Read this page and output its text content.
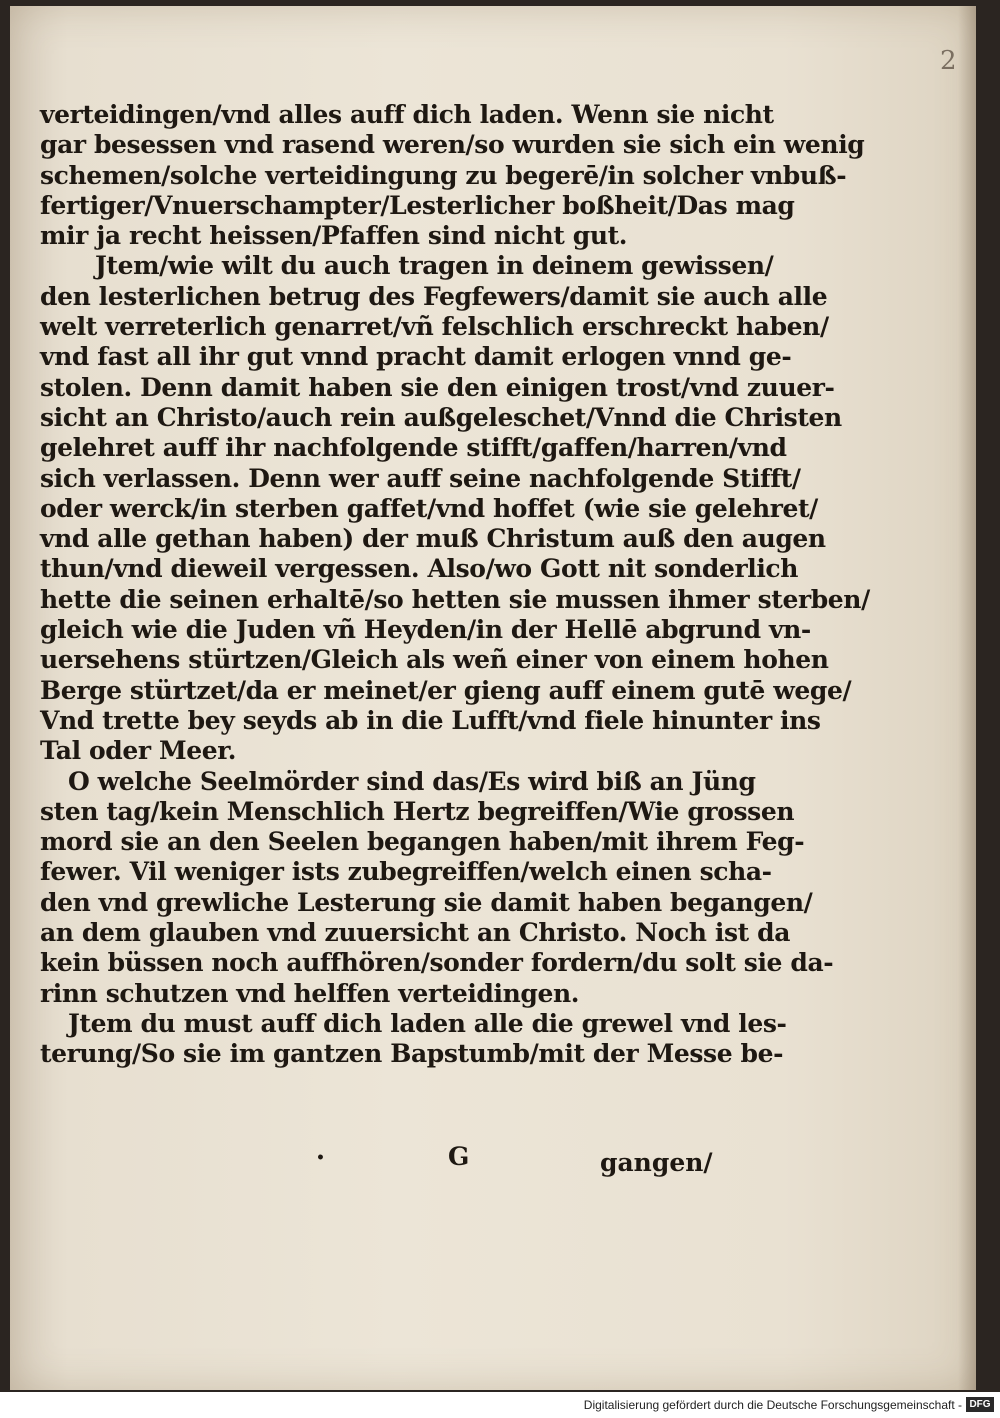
2
verteidingen/vnd alles auff dich laden. Wenn sie nicht
gar besessen vnd rasend weren/so wurden sie sich ein wenig
schemen/solche verteidingung zu begerē/in solcher vnbuß-
fertiger/Vnuerschampter/Lesterlicher boßheit/Das mag
mir ja recht heissen/Pfaffen sind nicht gut.
Jtem/wie wilt du auch tragen in deinem gewissen/
den lesterlichen betrug des Fegfewers/damit sie auch alle
welt verreterlich genarret/vñ felschlich erschreckt haben/
vnd fast all ihr gut vnnd pracht damit erlogen vnnd ge-
stolen. Denn damit haben sie den einigen trost/vnd zuuer-
sicht an Christo/auch rein außgeleschet/Vnnd die Christen
gelehret auff ihr nachfolgende stifft/gaffen/harren/vnd
sich verlassen. Denn wer auff seine nachfolgende Stifft/
oder werck/in sterben gaffet/vnd hoffet (wie sie gelehret/
vnd alle gethan haben) der muß Christum auß den augen
thun/vnd dieweil vergessen. Also/wo Gott nit sonderlich
hette die seinen erhaltē/so hetten sie mussen ihmer sterben/
gleich wie die Juden vñ Heyden/in der Hellē abgrund vn-
uersehens stürtzen/Gleich als weñ einer von einem hohen
Berge stürtzet/da er meinet/er gieng auff einem gutē wege/
Vnd trette bey seyds ab in die Lufft/vnd fiele hinunter ins
Tal oder Meer.
O welche Seelmörder sind das/Es wird biß an Jüng
sten tag/kein Menschlich Hertz begreiffen/Wie grossen
mord sie an den Seelen begangen haben/mit ihrem Feg-
fewer. Vil weniger ists zubegreiffen/welch einen scha-
den vnd grewliche Lesterung sie damit haben begangen/
an dem glauben vnd zuuersicht an Christo. Noch ist da
kein büssen noch auffhören/sonder fordern/du solt sie da-
rinn schutzen vnd helffen verteidingen.
Jtem du must auff dich laden alle die grewel vnd les-
terung/So sie im gantzen Bapstumb/mit der Messe be-
•	G	gangen/
Digitalisierung gefördert durch die Deutsche Forschungsgemeinschaft - DFG
